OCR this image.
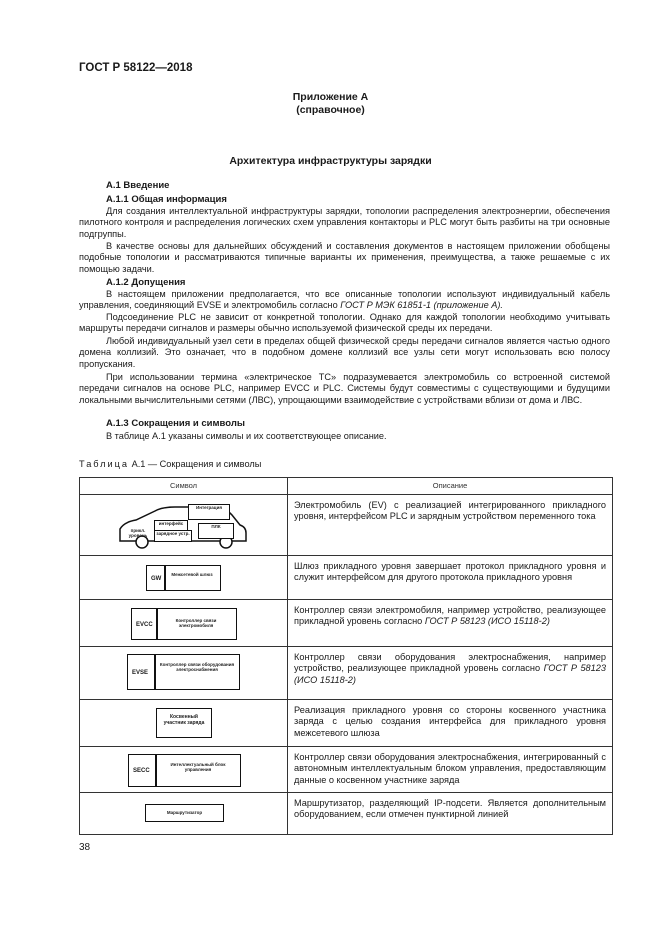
ГОСТ Р 58122—2018
Приложение А
(справочное)
Архитектура инфраструктуры зарядки
А.1 Введение
А.1.1 Общая информация
Для создания интеллектуальной инфраструктуры зарядки, топологии распределения электроэнергии, обеспечения пилотного контроля и распределения логических схем управления контакторы и PLC могут быть разбиты на три основные подгруппы.
В качестве основы для дальнейших обсуждений и составления документов в настоящем приложении обобщены подобные топологии и рассматриваются типичные варианты их применения, преимущества, а также решаемые с их помощью задачи.
А.1.2 Допущения
В настоящем приложении предполагается, что все описанные топологии используют индивидуальный кабель управления, соединяющий EVSE и электромобиль согласно ГОСТ Р МЭК 61851-1 (приложение А).
Подсоединение PLC не зависит от конкретной топологии. Однако для каждой топологии необходимо учитывать маршруты передачи сигналов и размеры обычно используемой физической среды их передачи.
Любой индивидуальный узел сети в пределах общей физической среды передачи сигналов является частью одного домена коллизий. Это означает, что в подобном домене коллизий все узлы сети могут использовать всю полосу пропускания.
При использовании термина «электрическое ТС» подразумевается электромобиль со встроенной системой передачи сигналов на основе PLC, например EVCC и PLC. Системы будут совместимы с существующими и будущими локальными вычислительными сетями (ЛВС), упрощающими взаимодействие с устройствами вблизи от дома и ЛВС.
А.1.3 Сокращения и символы
В таблице А.1 указаны символы и их соответствующее описание.
Таблица А.1 — Сокращения и символы
Символ	Описание

Интеграция
интерфейс
зарядное устр.
ПЛК
прикл. уровень	Электромобиль (EV) с реализацией интегрированного прикладного уровня, интерфейсом PLC и зарядным устройством переменного тока

GW
Межсетевой шлюз	Шлюз прикладного уровня завершает протокол прикладного уровня и служит интерфейсом для другого протокола прикладного уровня

EVCC
Контроллер связи электромобиля	Контроллер связи электромобиля, например устройство, реализующее прикладной уровень согласно ГОСТ Р 58123 (ИСО 15118-2)

EVSE
Контроллер связи оборудования электроснабжения	Контроллер связи оборудования электроснабжения, например устройство, реализующее прикладной уровень согласно ГОСТ Р 58123 (ИСО 15118-2)

Косвенный участник заряда	Реализация прикладного уровня со стороны косвенного участника заряда с целью создания интерфейса для прикладного уровня межсетевого шлюза

SECC
Интеллектуальный блок управления	Контроллер связи оборудования электроснабжения, интегрированный с автономным интеллектуальным блоком управления, предоставляющим данные о косвенном участнике заряда

Маршрутизатор	Маршрутизатор, разделяющий IP-подсети. Является дополнительным оборудованием, если отмечен пунктирной линией
38
